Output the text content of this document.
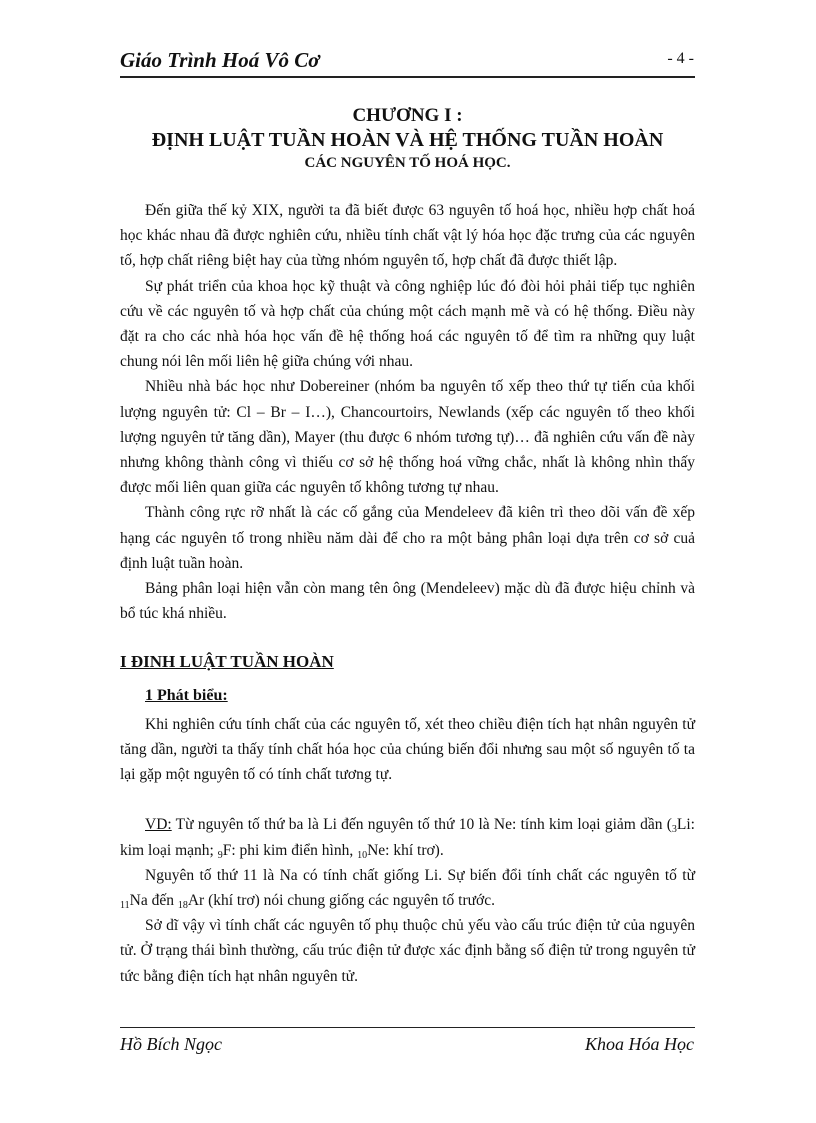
Giáo Trình Hoá Vô Cơ	- 4 -
CHƯƠNG I :
ĐỊNH LUẬT TUẦN HOÀN VÀ HỆ THỐNG TUẦN HOÀN
CÁC NGUYÊN TỐ HOÁ HỌC.

Đến giữa thế kỷ XIX, người ta đã biết được 63 nguyên tố hoá học, nhiều hợp chất hoá học khác nhau đã được nghiên cứu, nhiều tính chất vật lý hóa học đặc trưng của các nguyên tố, hợp chất riêng biệt hay của từng nhóm nguyên tố, hợp chất đã được thiết lập.

Sự phát triển của khoa học kỹ thuật và công nghiệp lúc đó đòi hỏi phải tiếp tục nghiên cứu về các nguyên tố và hợp chất của chúng một cách mạnh mẽ và có hệ thống. Điều này đặt ra cho các nhà hóa học vấn đề hệ thống hoá các nguyên tố để tìm ra những quy luật chung nói lên mối liên hệ giữa chúng với nhau.

Nhiều nhà bác học như Dobereiner (nhóm ba nguyên tố xếp theo thứ tự tiến của khối lượng nguyên tử: Cl – Br – I…), Chancourtoirs, Newlands (xếp các nguyên tố theo khối lượng nguyên tử tăng dần), Mayer (thu được 6 nhóm tương tự)… đã nghiên cứu vấn đề này nhưng không thành công vì thiếu cơ sở hệ thống hoá vững chắc, nhất là không nhìn thấy được mối liên quan giữa các nguyên tố không tương tự nhau.

Thành công rực rỡ nhất là các cố gắng của Mendeleev đã kiên trì theo dõi vấn đề xếp hạng các nguyên tố trong nhiều năm dài để cho ra một bảng phân loại dựa trên cơ sở cuả định luật tuần hoàn.

Bảng phân loại hiện vẫn còn mang tên ông (Mendeleev) mặc dù đã được hiệu chỉnh và bổ túc khá nhiều.

I ĐINH LUẬT TUẦN HOÀN
1 Phát biểu:

Khi nghiên cứu tính chất của các nguyên tố, xét theo chiều điện tích hạt nhân nguyên tử tăng dần, người ta thấy tính chất hóa học của chúng biến đổi nhưng sau một số nguyên tố ta lại gặp một nguyên tố có tính chất tương tự.

VD: Từ nguyên tố thứ ba là Li đến nguyên tố thứ 10 là Ne: tính kim loại giảm dần ($_3Li$: kim loại mạnh; $_9$F: phi kim điển hình, $_{10}$Ne: khí trơ).

Nguyên tố thứ 11 là Na có tính chất giống Li. Sự biến đổi tính chất các nguyên tố từ $_{11}$Na đến $_{18}$Ar (khí trơ) nói chung giống các nguyên tố trước.

Sở dĩ vậy vì tính chất các nguyên tố phụ thuộc chủ yếu vào cấu trúc điện tử của nguyên tử. Ở trạng thái bình thường, cấu trúc điện tử được xác định bằng số điện tử trong nguyên tử tức bằng điện tích hạt nhân nguyên tử.

Hồ Bích Ngọc	Khoa Hóa Học
